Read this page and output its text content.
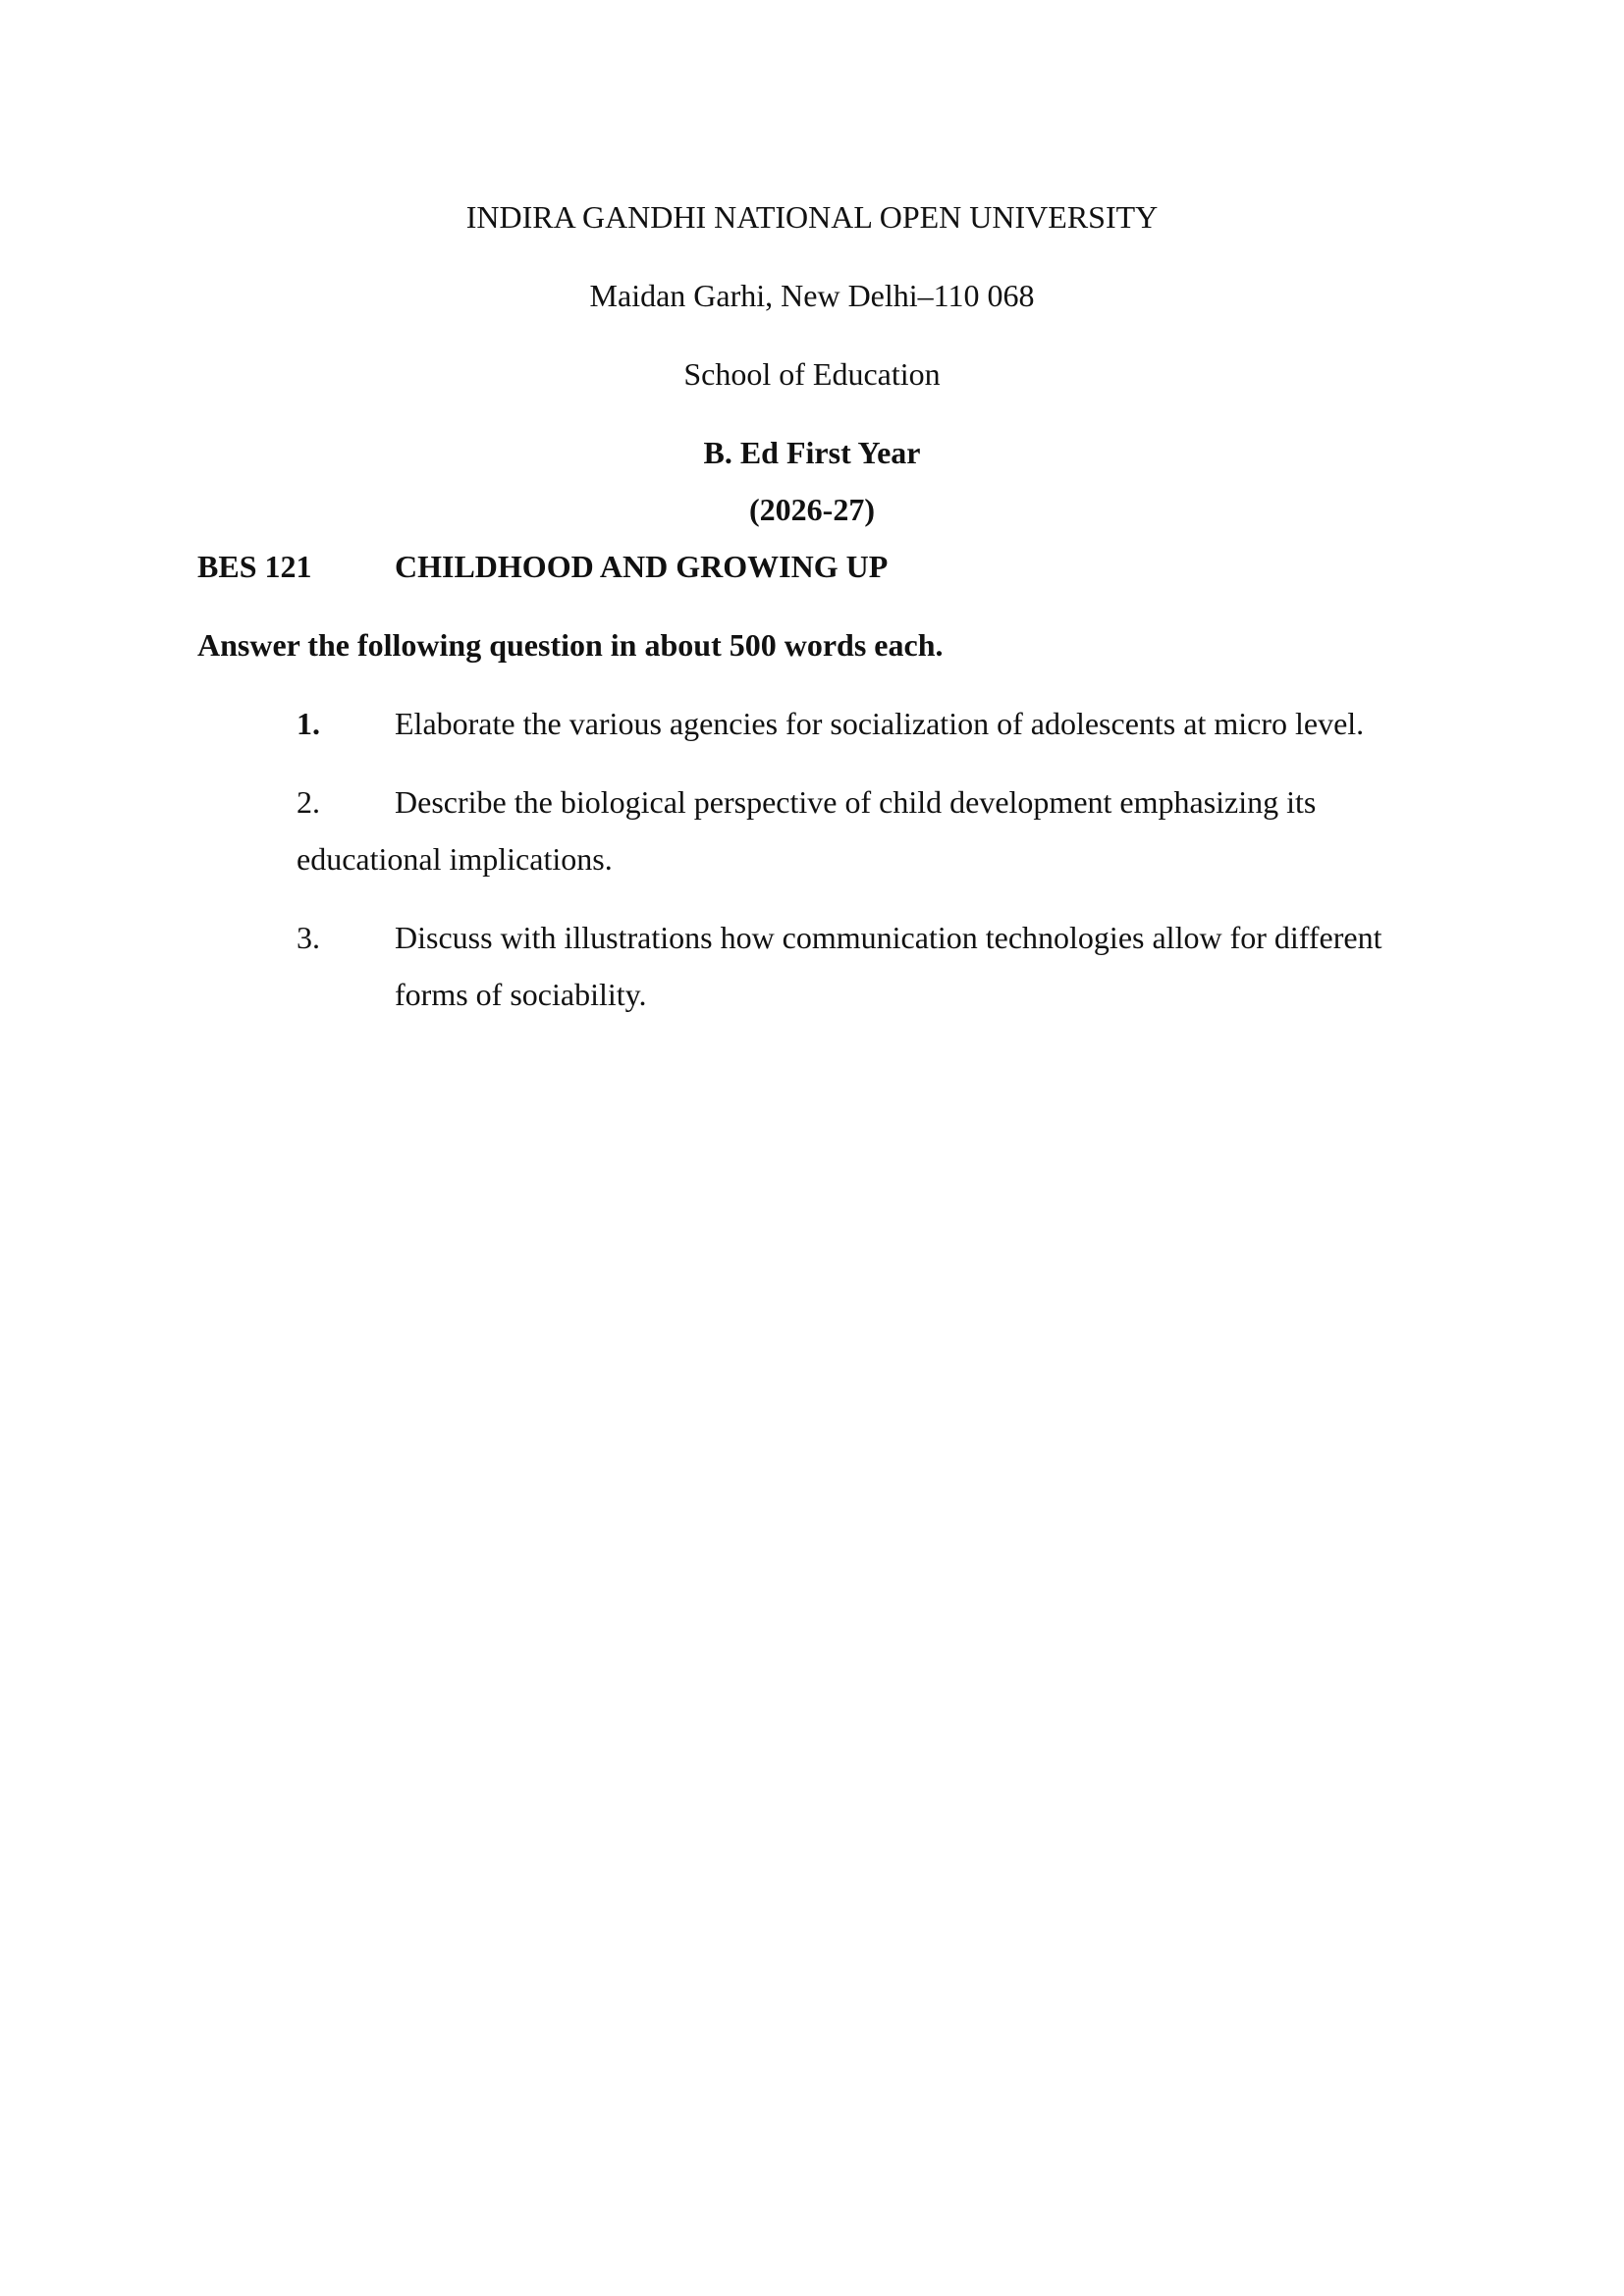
INDIRA GANDHI NATIONAL OPEN UNIVERSITY
Maidan Garhi, New Delhi–110 068
School of Education
B. Ed First Year
(2026-27)
BES 121	CHILDHOOD AND GROWING UP
Answer the following question in about 500 words each.
1. Elaborate the various agencies for socialization of adolescents at micro level.
2. Describe the biological perspective of child development emphasizing its
educational implications.
3. Discuss with illustrations how communication technologies allow for different
forms of sociability.
